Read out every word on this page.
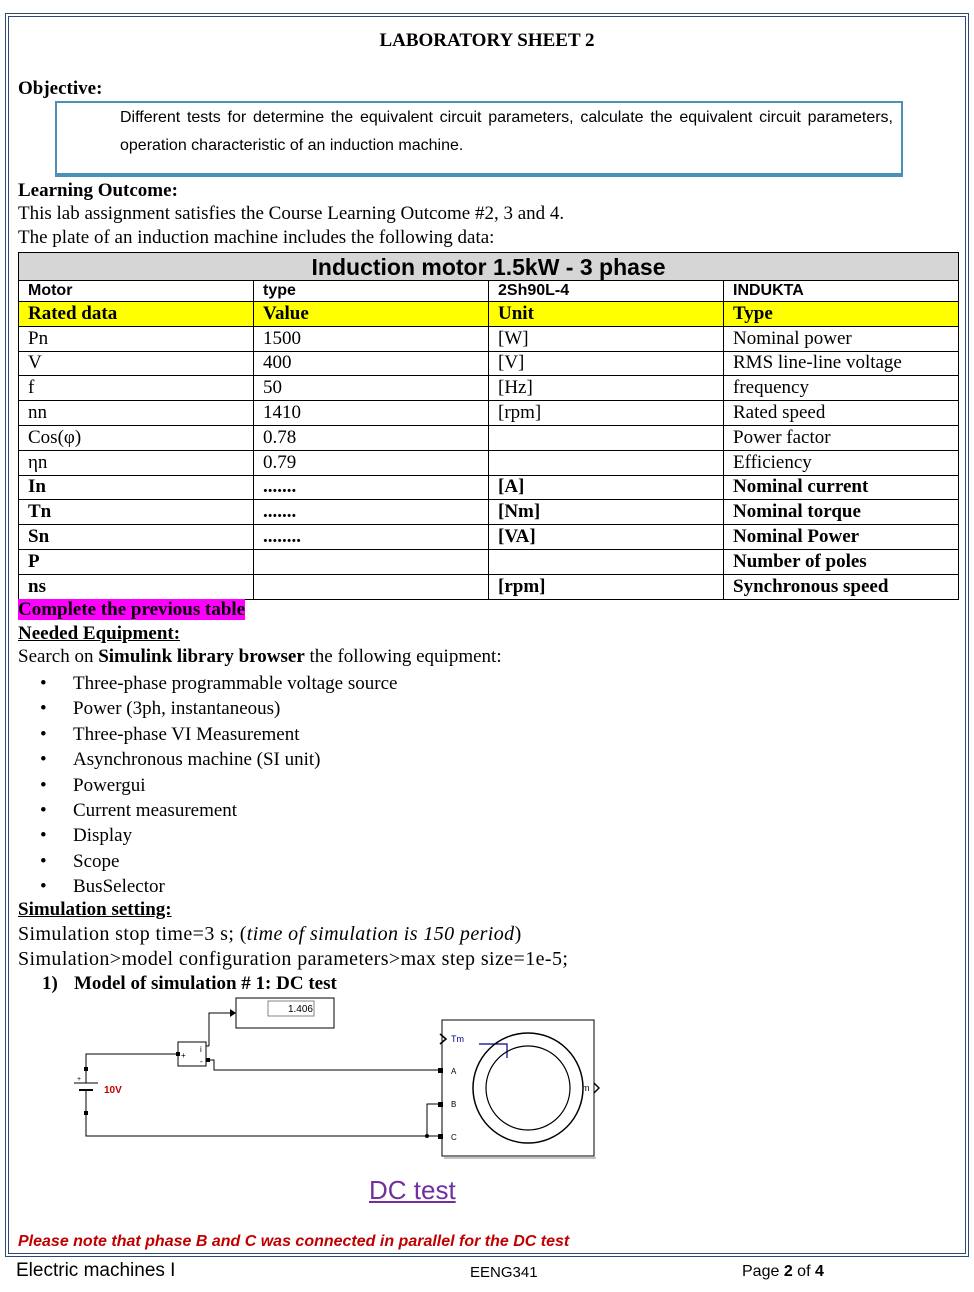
LABORATORY SHEET 2
Objective:
Different tests for determine the equivalent circuit parameters, calculate the equivalent circuit parameters, operation characteristic of an induction machine.
Learning Outcome:
This lab assignment satisfies the Course Learning Outcome #2, 3 and 4.
The plate of an induction machine includes the following data:
Induction motor 1.5kW - 3 phase			
Motor	type	2Sh90L-4	INDUKTA
Rated data	Value	Unit	Type
Pn	1500	[W]	Nominal power
V	400	[V]	RMS line-line voltage
f	50	[Hz]	frequency
nn	1410	[rpm]	Rated speed
Cos(φ)	0.78		Power factor
ηn	0.79		Efficiency
In	.......	[A]	Nominal current
Tn	.......	[Nm]	Nominal torque
Sn	........	[VA]	Nominal Power
P			Number of poles
ns		[rpm]	Synchronous speed
Complete the previous table
Needed Equipment:
Search on Simulink library browser the following equipment:
• Three-phase programmable voltage source
• Power (3ph, instantaneous)
• Three-phase VI Measurement
• Asynchronous machine (SI unit)
• Powergui
• Current measurement
• Display
• Scope
• BusSelector
Simulation setting:
Simulation stop time=3 s; (time of simulation is 150 period)
Simulation>model configuration parameters>max step size=1e-5;
1) Model of simulation # 1: DC test
1.406
+
i
-
+
10V
Tm
A
B
C
m
DC test
Please note that phase B and C was connected in parallel for the DC test
Electric machines I	EENG341	Page 2 of 4
